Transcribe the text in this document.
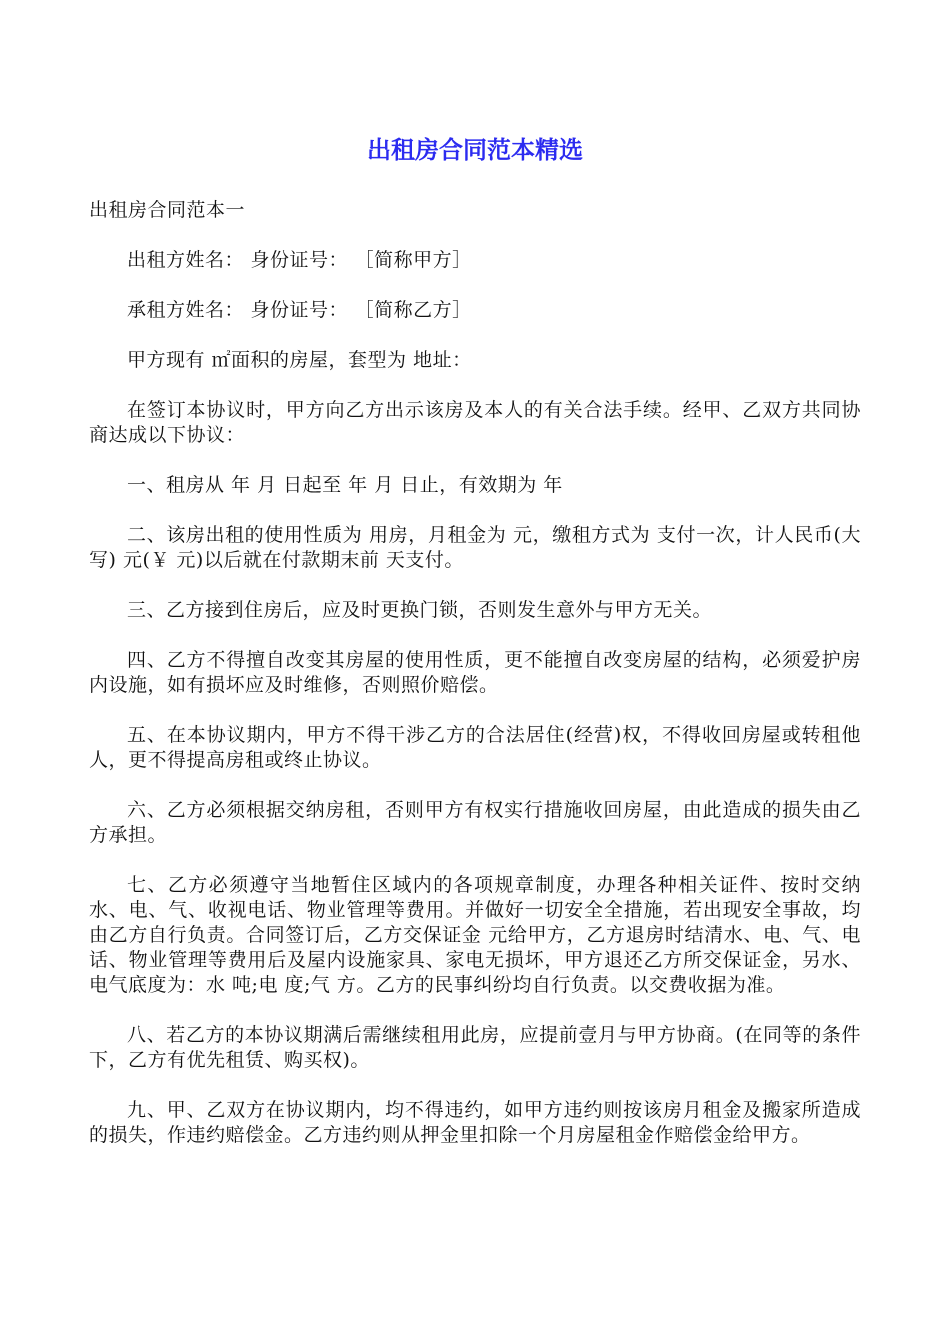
出租房合同范本精选

出租房合同范本一

出租方姓名： 身份证号： ［简称甲方］

承租方姓名： 身份证号： ［简称乙方］

甲方现有 ㎡面积的房屋，套型为 地址：

在签订本协议时，甲方向乙方出示该房及本人的有关合法手续。经甲、乙双方共同协商达成以下协议：

一、租房从 年 月 日起至 年 月 日止，有效期为 年

二、该房出租的使用性质为 用房，月租金为 元，缴租方式为 支付一次，计人民币(大写) 元(￥ 元)以后就在付款期末前 天支付。

三、乙方接到住房后，应及时更换门锁，否则发生意外与甲方无关。

四、乙方不得擅自改变其房屋的使用性质，更不能擅自改变房屋的结构，必须爱护房内设施，如有损坏应及时维修，否则照价赔偿。

五、在本协议期内，甲方不得干涉乙方的合法居住(经营)权，不得收回房屋或转租他人，更不得提高房租或终止协议。

六、乙方必须根据交纳房租，否则甲方有权实行措施收回房屋，由此造成的损失由乙方承担。

七、乙方必须遵守当地暂住区域内的各项规章制度，办理各种相关证件、按时交纳水、电、气、收视电话、物业管理等费用。并做好一切安全全措施，若出现安全事故，均由乙方自行负责。合同签订后，乙方交保证金 元给甲方，乙方退房时结清水、电、气、电话、物业管理等费用后及屋内设施家具、家电无损坏，甲方退还乙方所交保证金，另水、电气底度为：水 吨;电 度;气 方。乙方的民事纠纷均自行负责。以交费收据为准。

八、若乙方的本协议期满后需继续租用此房，应提前壹月与甲方协商。(在同等的条件下，乙方有优先租赁、购买权)。

九、甲、乙双方在协议期内，均不得违约，如甲方违约则按该房月租金及搬家所造成的损失，作违约赔偿金。乙方违约则从押金里扣除一个月房屋租金作赔偿金给甲方。
